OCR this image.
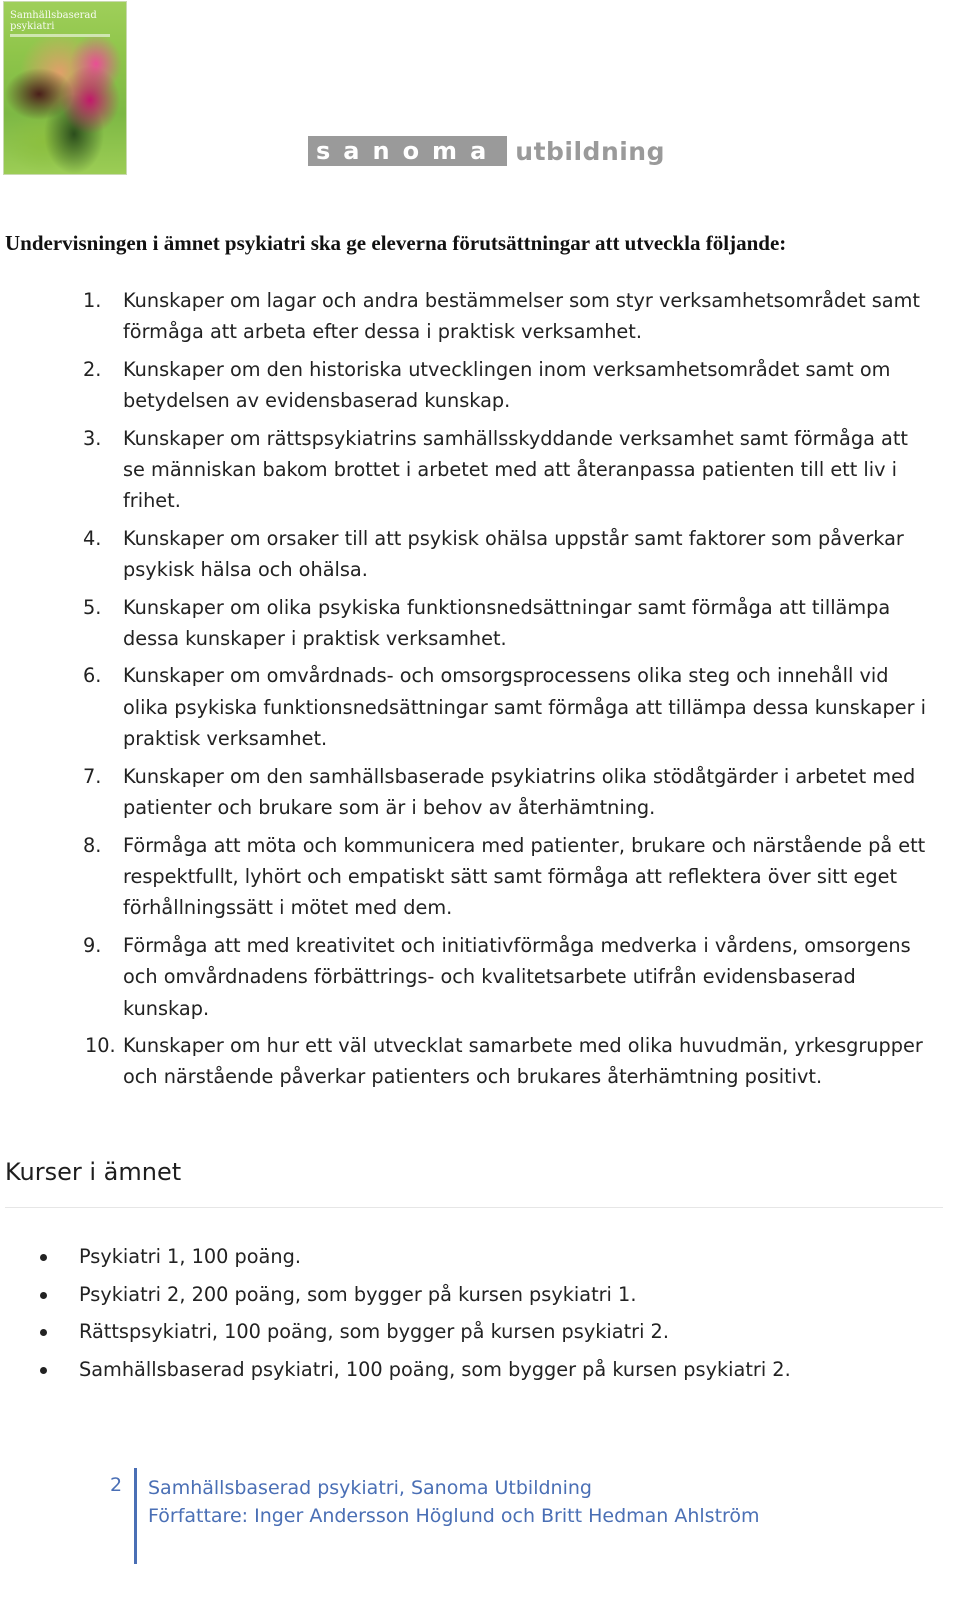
Samhällsbaserad psykiatri
sanoma utbildning
Undervisningen i ämnet psykiatri ska ge eleverna förutsättningar att utveckla följande:
1. Kunskaper om lagar och andra bestämmelser som styr verksamhetsområdet samt förmåga att arbeta efter dessa i praktisk verksamhet.
2. Kunskaper om den historiska utvecklingen inom verksamhetsområdet samt om betydelsen av evidensbaserad kunskap.
3. Kunskaper om rättspsykiatrins samhällsskyddande verksamhet samt förmåga att se människan bakom brottet i arbetet med att återanpassa patienten till ett liv i frihet.
4. Kunskaper om orsaker till att psykisk ohälsa uppstår samt faktorer som påverkar psykisk hälsa och ohälsa.
5. Kunskaper om olika psykiska funktionsnedsättningar samt förmåga att tillämpa dessa kunskaper i praktisk verksamhet.
6. Kunskaper om omvårdnads- och omsorgsprocessens olika steg och innehåll vid olika psykiska funktionsnedsättningar samt förmåga att tillämpa dessa kunskaper i praktisk verksamhet.
7. Kunskaper om den samhällsbaserade psykiatrins olika stödåtgärder i arbetet med patienter och brukare som är i behov av återhämtning.
8. Förmåga att möta och kommunicera med patienter, brukare och närstående på ett respektfullt, lyhört och empatiskt sätt samt förmåga att reflektera över sitt eget förhållningssätt i mötet med dem.
9. Förmåga att med kreativitet och initiativförmåga medverka i vårdens, omsorgens och omvårdnadens förbättrings- och kvalitetsarbete utifrån evidensbaserad kunskap.
10. Kunskaper om hur ett väl utvecklat samarbete med olika huvudmän, yrkesgrupper och närstående påverkar patienters och brukares återhämtning positivt.
Kurser i ämnet
Psykiatri 1, 100 poäng.
Psykiatri 2, 200 poäng, som bygger på kursen psykiatri 1.
Rättspsykiatri, 100 poäng, som bygger på kursen psykiatri 2.
Samhällsbaserad psykiatri, 100 poäng, som bygger på kursen psykiatri 2.
2 Samhällsbaserad psykiatri, Sanoma Utbildning
Författare: Inger Andersson Höglund och Britt Hedman Ahlström
